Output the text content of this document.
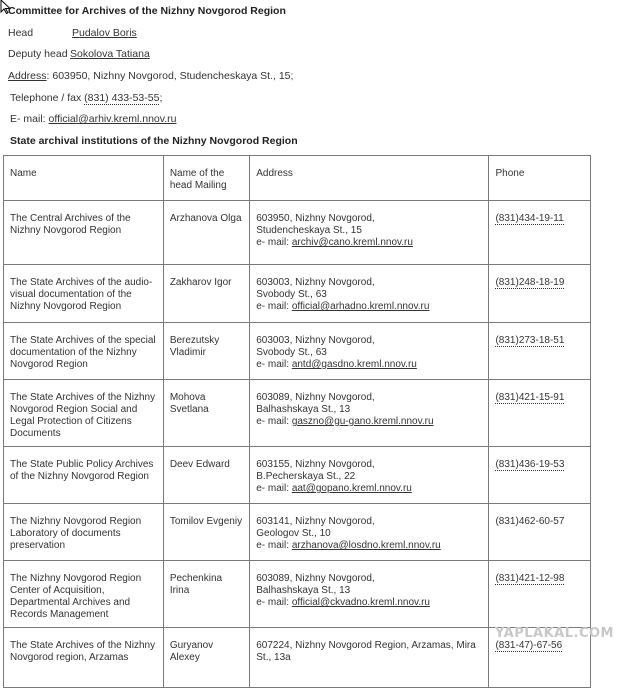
Committee for Archives of the Nizhny Novgorod Region
Head	Pudalov Boris
Deputy head Sokolova Tatiana
Address: 603950, Nizhny Novgorod, Studencheskaya St., 15;
Telephone / fax (831) 433-53-55;
E- mail: official@arhiv.kreml.nnov.ru
State archival institutions of the Nizhny Novgorod Region
Name	Name of the head Mailing	Address	Phone
The Central Archives of the Nizhny Novgorod Region	Arzhanova Olga	603950, Nizhny Novgorod,
Studencheskaya St., 15
e- mail: archiv@cano.kreml.nnov.ru	(831)434-19-11
The State Archives of the audio-visual documentation of the Nizhny Novgorod Region	Zakharov Igor	603003, Nizhny Novgorod,
Svobody St., 63
e- mail: official@arhadno.kreml.nnov.ru	(831)248-18-19
The State Archives of the special documentation of the Nizhny Novgorod Region	Berezutsky Vladimir	603003, Nizhny Novgorod,
Svobody St., 63
e- mail: antd@gasdno.kreml.nnov.ru	(831)273-18-51
The State Archives of the Nizhny Novgorod Region Social and Legal Protection of Citizens Documents	Mohova Svetlana	603089, Nizhny Novgorod,
Balhashskaya St., 13
e- mail: gaszno@gu-gano.kreml.nnov.ru	(831)421-15-91
The State Public Policy Archives of the Nizhny Novgorod Region	Deev Edward	603155, Nizhny Novgorod,
B.Pecherskaya St., 22
e- mail: aat@gopano.kreml.nnov.ru	(831)436-19-53
The Nizhny Novgorod Region Laboratory of documents preservation	Tomilov Evgeniy	603141, Nizhny Novgorod,
Geologov St., 10
e- mail: arzhanova@losdno.kreml.nnov.ru	(831)462-60-57
The Nizhny Novgorod Region Center of Acquisition, Departmental Archives and Records Management	Pechenkina Irina	603089, Nizhny Novgorod,
Balhashskaya St., 13
e- mail: official@ckvadno.kreml.nnov.ru	(831)421-12-98
The State Archives of the Nizhny Novgorod region, Arzamas	Guryanov Alexey	607224, Nizhny Novgorod Region, Arzamas, Mira
St., 13a	(831-47)-67-56
YAPLAKAL.COM
